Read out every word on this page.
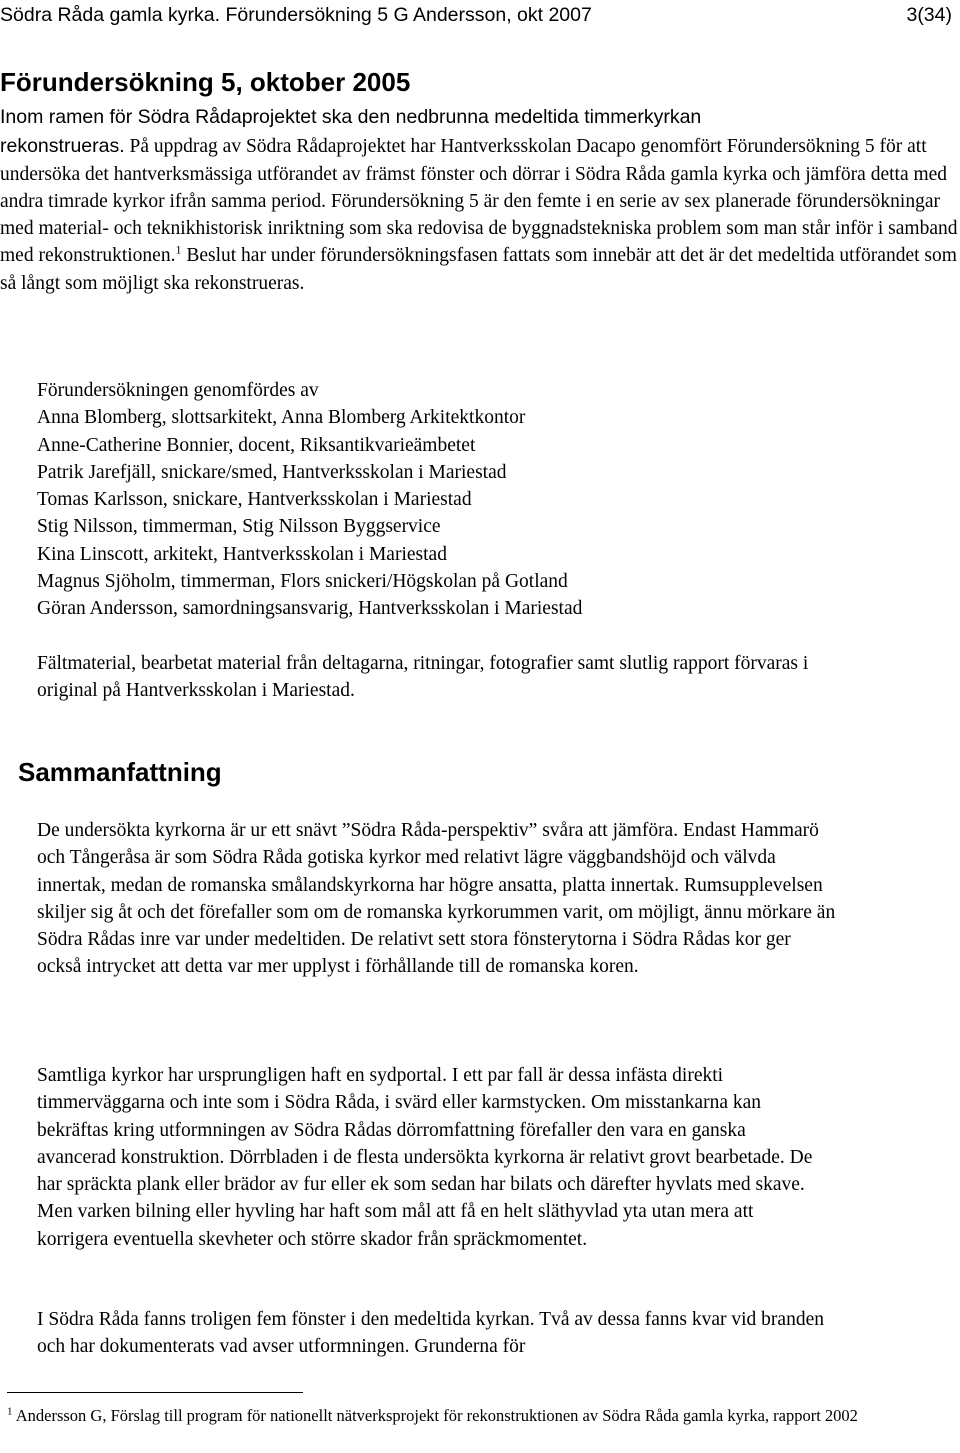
Södra Råda gamla kyrka. Förundersökning 5 G Andersson, okt 2007	3(34)
Förundersökning 5, oktober 2005
Inom ramen för Södra Rådaprojektet ska den nedbrunna medeltida timmerkyrkan

rekonstrueras. På uppdrag av Södra Rådaprojektet har Hantverksskolan Dacapo genomfört Förundersökning 5 för att undersöka det hantverksmässiga utförandet av främst fönster och dörrar i Södra Råda gamla kyrka och jämföra detta med andra timrade kyrkor ifrån samma period. Förundersökning 5 är den femte i en serie av sex planerade förundersökningar med material- och teknikhistorisk inriktning som ska redovisa de byggnadstekniska problem som man står inför i samband med rekonstruktionen.$^1$ Beslut har under förundersökningsfasen fattats som innebär att det är det medeltida utförandet som så långt som möjligt ska rekonstrueras.

Förundersökningen genomfördes av
Anna Blomberg, slottsarkitekt, Anna Blomberg Arkitektkontor
Anne-Catherine Bonnier, docent, Riksantikvarieämbetet
Patrik Jarefjäll, snickare/smed, Hantverksskolan i Mariestad
Tomas Karlsson, snickare, Hantverksskolan i Mariestad
Stig Nilsson, timmerman, Stig Nilsson Byggservice
Kina Linscott, arkitekt, Hantverksskolan i Mariestad
Magnus Sjöholm, timmerman, Flors snickeri/Högskolan på Gotland
Göran Andersson, samordningsansvarig, Hantverksskolan i Mariestad

Fältmaterial, bearbetat material från deltagarna, ritningar, fotografier samt slutlig rapport förvaras i original på Hantverksskolan i Mariestad.

Sammanfattning

De undersökta kyrkorna är ur ett snävt ”Södra Råda-perspektiv” svåra att jämföra. Endast Hammarö och Tångeråsa är som Södra Råda gotiska kyrkor med relativt lägre väggbandshöjd och välvda innertak, medan de romanska smålandskyrkorna har högre ansatta, platta innertak. Rumsupplevelsen skiljer sig åt och det förefaller som om de romanska kyrkorummen varit, om möjligt, ännu mörkare än Södra Rådas inre var under medeltiden. De relativt sett stora fönsterytorna i Södra Rådas kor ger också intrycket att detta var mer upplyst i förhållande till de romanska koren.

Samtliga kyrkor har ursprungligen haft en sydportal. I ett par fall är dessa infästa direkti timmerväggarna och inte som i Södra Råda, i svärd eller karmstycken. Om misstankarna kan bekräftas kring utformningen av Södra Rådas dörromfattning förefaller den vara en ganska avancerad konstruktion. Dörrbladen i de flesta undersökta kyrkorna är relativt grovt bearbetade. De har spräckta plank eller brädor av fur eller ek som sedan har bilats och därefter hyvlats med skave. Men varken bilning eller hyvling har haft som mål att få en helt släthyvlad yta utan mera att korrigera eventuella skevheter och större skador från spräckmomentet.

I Södra Råda fanns troligen fem fönster i den medeltida kyrkan. Två av dessa fanns kvar vid branden och har dokumenterats vad avser utformningen. Grunderna för

$^1$ Andersson G, Förslag till program för nationellt nätverksprojekt för rekonstruktionen av Södra Råda gamla kyrka, rapport 2002
